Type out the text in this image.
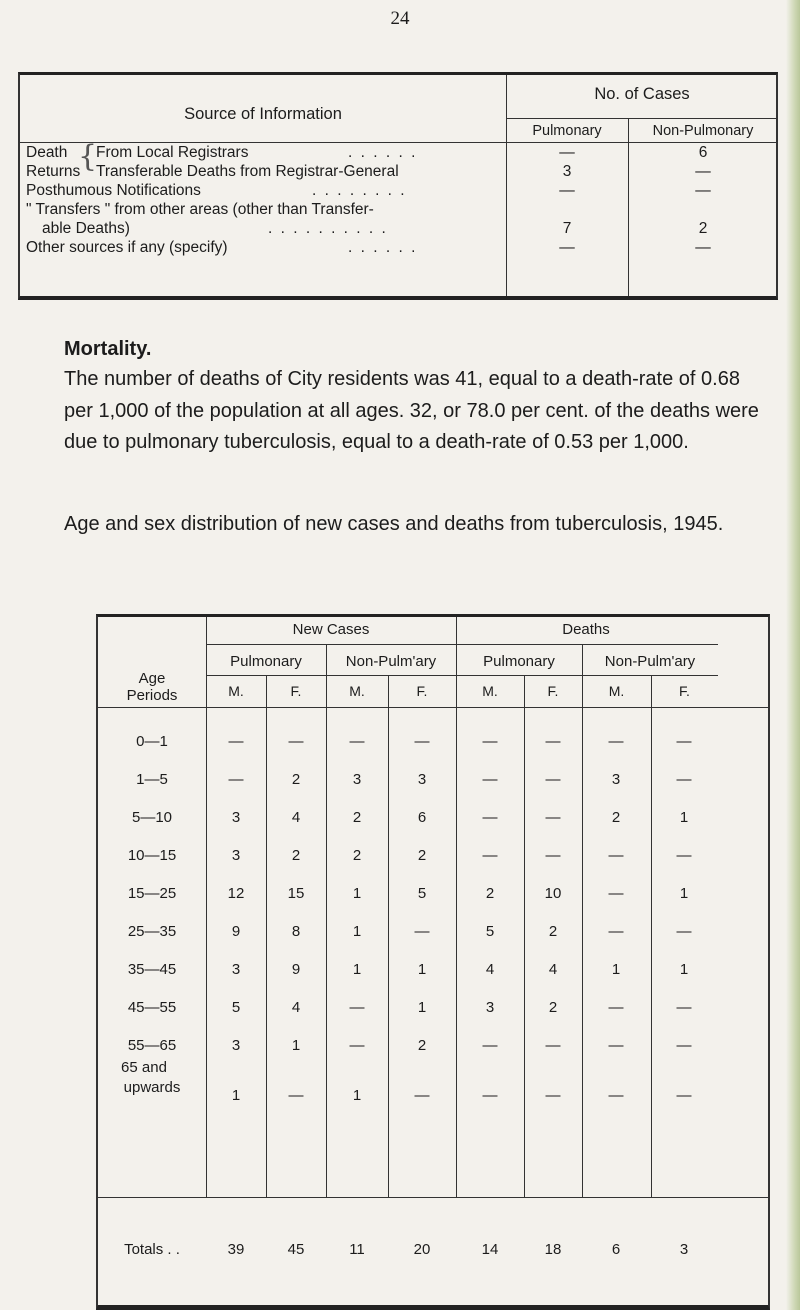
24
Source of Information
No. of Cases
Pulmonary	Non-Pulmonary
Death {
From Local Registrars	. . . . . .	—	6
Returns Transferable Deaths from Registrar-General	3	—
Posthumous Notifications	. . . . . . . .	—	—
" Transfers " from other areas (other than Transfer-
able Deaths)	. . . . . . . . . .	7	2
Other sources if any (specify)	. . . . . .	—	—
Mortality.
The number of deaths of City residents was 41, equal to a death-rate of 0.68 per 1,000 of the population at all ages. 32, or 78.0 per cent. of the deaths were due to pulmonary tuberculosis, equal to a death-rate of 0.53 per 1,000.
Age and sex distribution of new cases and deaths from tuberculosis, 1945.
Age
Periods
New Cases	Deaths
Pulmonary	Non-Pulm'ary	Pulmonary	Non-Pulm'ary
M.	F.	M.	F.	M.	F.	M.	F.
0—1	—	—	—	—	—	—	—	—
1—5	—	2	3	3	—	—	3	—
5—10	3	4	2	6	—	—	2	1
10—15	3	2	2	2	—	—	—	—
15—25	12	15	1	5	2	10	—	1
25—35	9	8	1	—	5	2	—	—
35—45	3	9	1	1	4	4	1	1
45—55	5	4	—	1	3	2	—	—
55—65	3	1	—	2	—	—	—	—
65 and
upwards	1	—	1	—	—	—	—	—
Totals . .	39	45	11	20	14	18	6	3
